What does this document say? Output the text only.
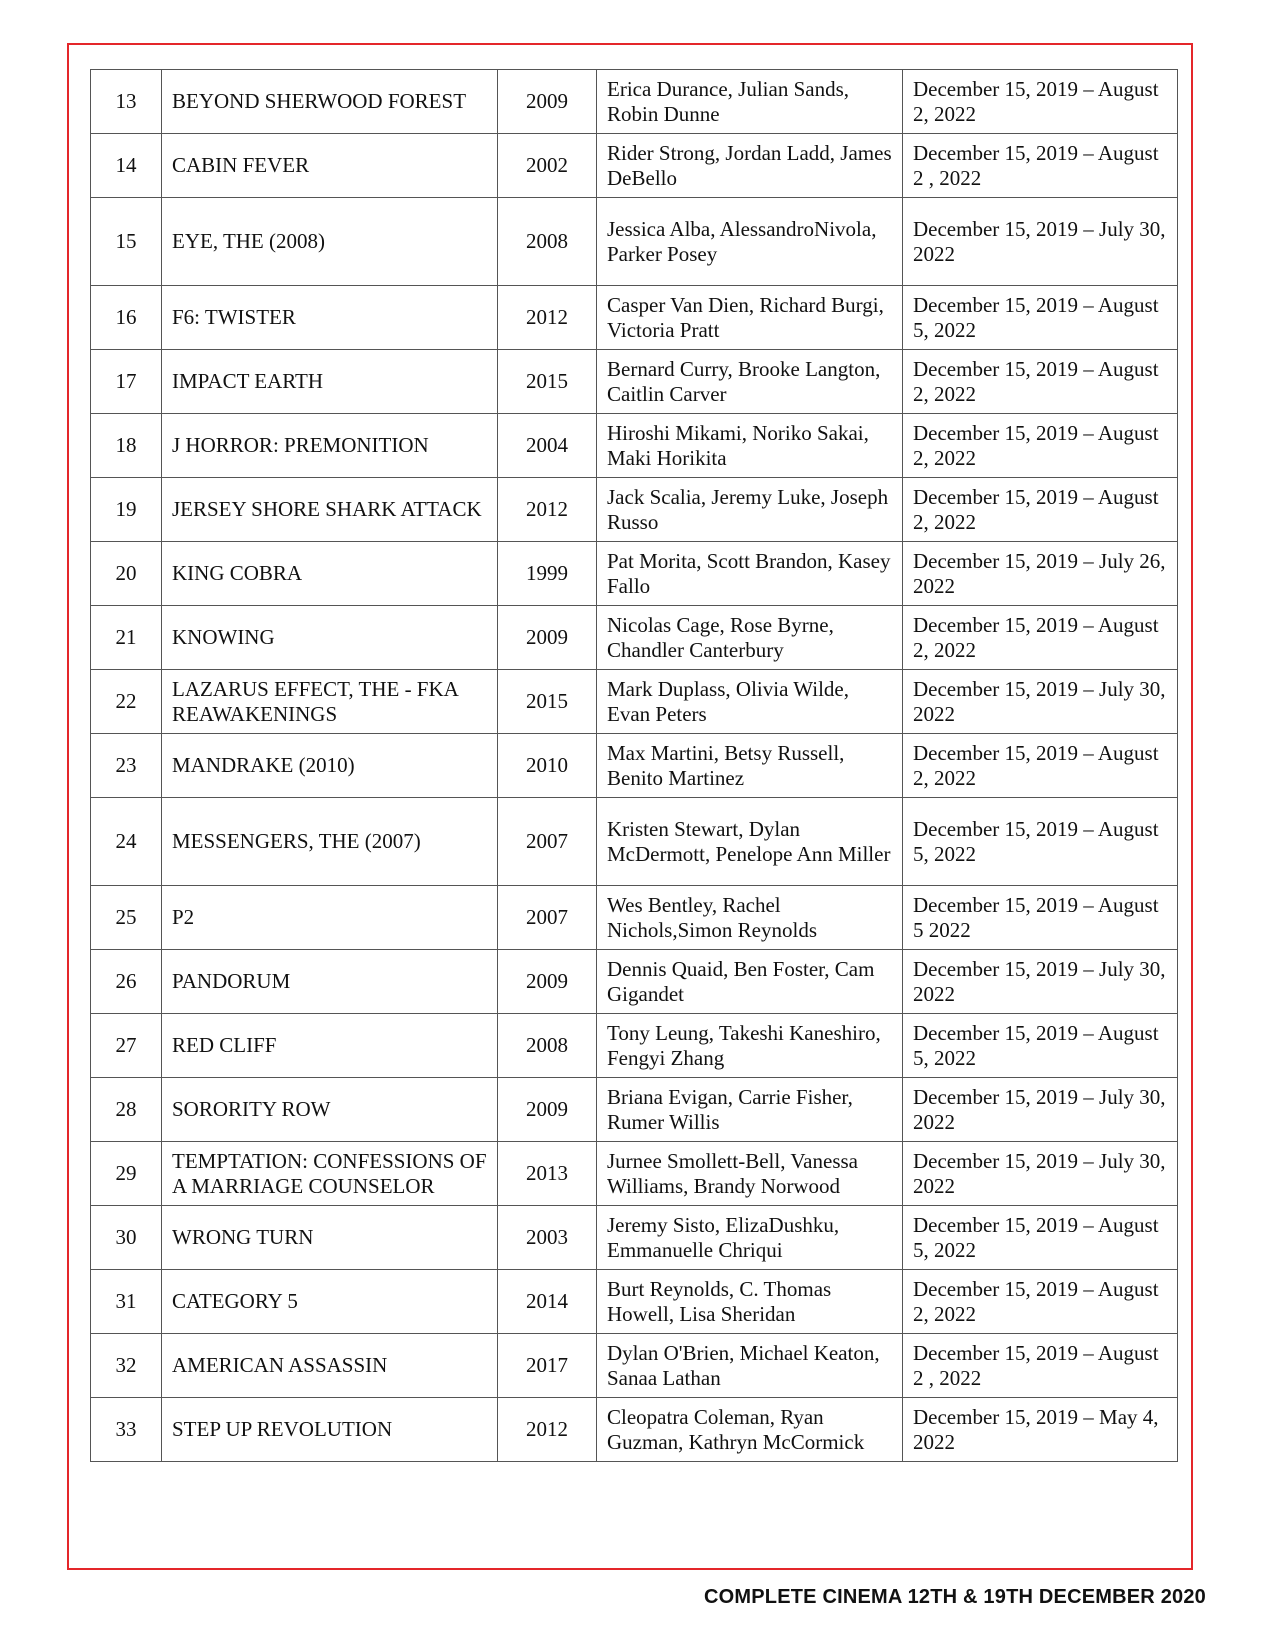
13	BEYOND SHERWOOD FOREST	2009	Erica Durance, Julian Sands, Robin Dunne	December 15, 2019 – August 2, 2022
14	CABIN FEVER	2002	Rider Strong, Jordan Ladd, James DeBello	December 15, 2019 – August 2 , 2022
15	EYE, THE (2008)	2008	Jessica Alba, AlessandroNivola, Parker Posey	December 15, 2019 – July 30, 2022
16	F6: TWISTER	2012	Casper Van Dien, Richard Burgi, Victoria Pratt	December 15, 2019 – August 5, 2022
17	IMPACT EARTH	2015	Bernard Curry, Brooke Langton, Caitlin Carver	December 15, 2019 – August 2, 2022
18	J HORROR: PREMONITION	2004	Hiroshi Mikami, Noriko Sakai, Maki Horikita	December 15, 2019 – August 2, 2022
19	JERSEY SHORE SHARK ATTACK	2012	Jack Scalia, Jeremy Luke, Joseph Russo	December 15, 2019 – August 2, 2022
20	KING COBRA	1999	Pat Morita, Scott Brandon, Kasey Fallo	December 15, 2019 – July 26, 2022
21	KNOWING	2009	Nicolas Cage, Rose Byrne, Chandler Canterbury	December 15, 2019 – August 2, 2022
22	LAZARUS EFFECT, THE - FKA REAWAKENINGS	2015	Mark Duplass, Olivia Wilde, Evan Peters	December 15, 2019 – July 30, 2022
23	MANDRAKE (2010)	2010	Max Martini, Betsy Russell, Benito Martinez	December 15, 2019 – August 2, 2022
24	MESSENGERS, THE (2007)	2007	Kristen Stewart, Dylan McDermott, Penelope Ann Miller	December 15, 2019 – August 5, 2022
25	P2	2007	Wes Bentley, Rachel Nichols,Simon Reynolds	December 15, 2019 – August 5 2022
26	PANDORUM	2009	Dennis Quaid, Ben Foster, Cam Gigandet	December 15, 2019 – July 30, 2022
27	RED CLIFF	2008	Tony Leung, Takeshi Kaneshiro, Fengyi Zhang	December 15, 2019 – August 5, 2022
28	SORORITY ROW	2009	Briana Evigan, Carrie Fisher, Rumer Willis	December 15, 2019 – July 30, 2022
29	TEMPTATION: CONFESSIONS OF A MARRIAGE COUNSELOR	2013	Jurnee Smollett-Bell, Vanessa Williams, Brandy Norwood	December 15, 2019 – July 30, 2022
30	WRONG TURN	2003	Jeremy Sisto, ElizaDushku, Emmanuelle Chriqui	December 15, 2019 – August 5, 2022
31	CATEGORY 5	2014	Burt Reynolds, C. Thomas Howell, Lisa Sheridan	December 15, 2019 – August 2, 2022
32	AMERICAN ASSASSIN	2017	Dylan O'Brien, Michael Keaton, Sanaa Lathan	December 15, 2019 – August 2 , 2022
33	STEP UP REVOLUTION	2012	Cleopatra Coleman, Ryan Guzman, Kathryn McCormick	December 15, 2019 – May 4, 2022
COMPLETE CINEMA 12TH & 19TH DECEMBER 2020
